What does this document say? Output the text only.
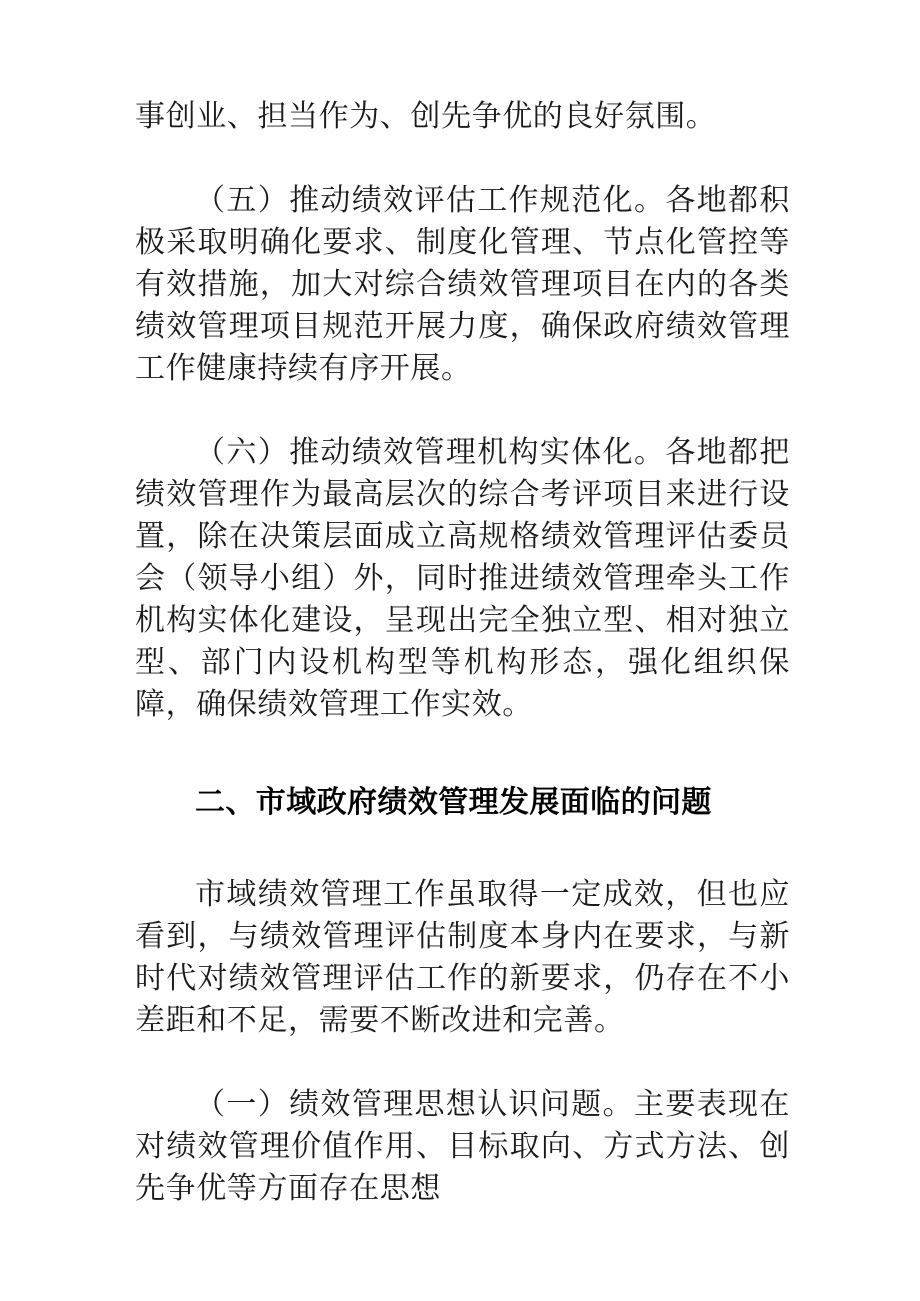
事创业、担当作为、创先争优的良好氛围。

（五）推动绩效评估工作规范化。各地都积极采取明确化要求、制度化管理、节点化管控等有效措施，加大对综合绩效管理项目在内的各类绩效管理项目规范开展力度，确保政府绩效管理工作健康持续有序开展。

（六）推动绩效管理机构实体化。各地都把绩效管理作为最高层次的综合考评项目来进行设置，除在决策层面成立高规格绩效管理评估委员会（领导小组）外，同时推进绩效管理牵头工作机构实体化建设，呈现出完全独立型、相对独立型、部门内设机构型等机构形态，强化组织保障，确保绩效管理工作实效。

二、市域政府绩效管理发展面临的问题

市域绩效管理工作虽取得一定成效，但也应看到，与绩效管理评估制度本身内在要求，与新时代对绩效管理评估工作的新要求，仍存在不小差距和不足，需要不断改进和完善。

（一）绩效管理思想认识问题。主要表现在对绩效管理价值作用、目标取向、方式方法、创先争优等方面存在思想
